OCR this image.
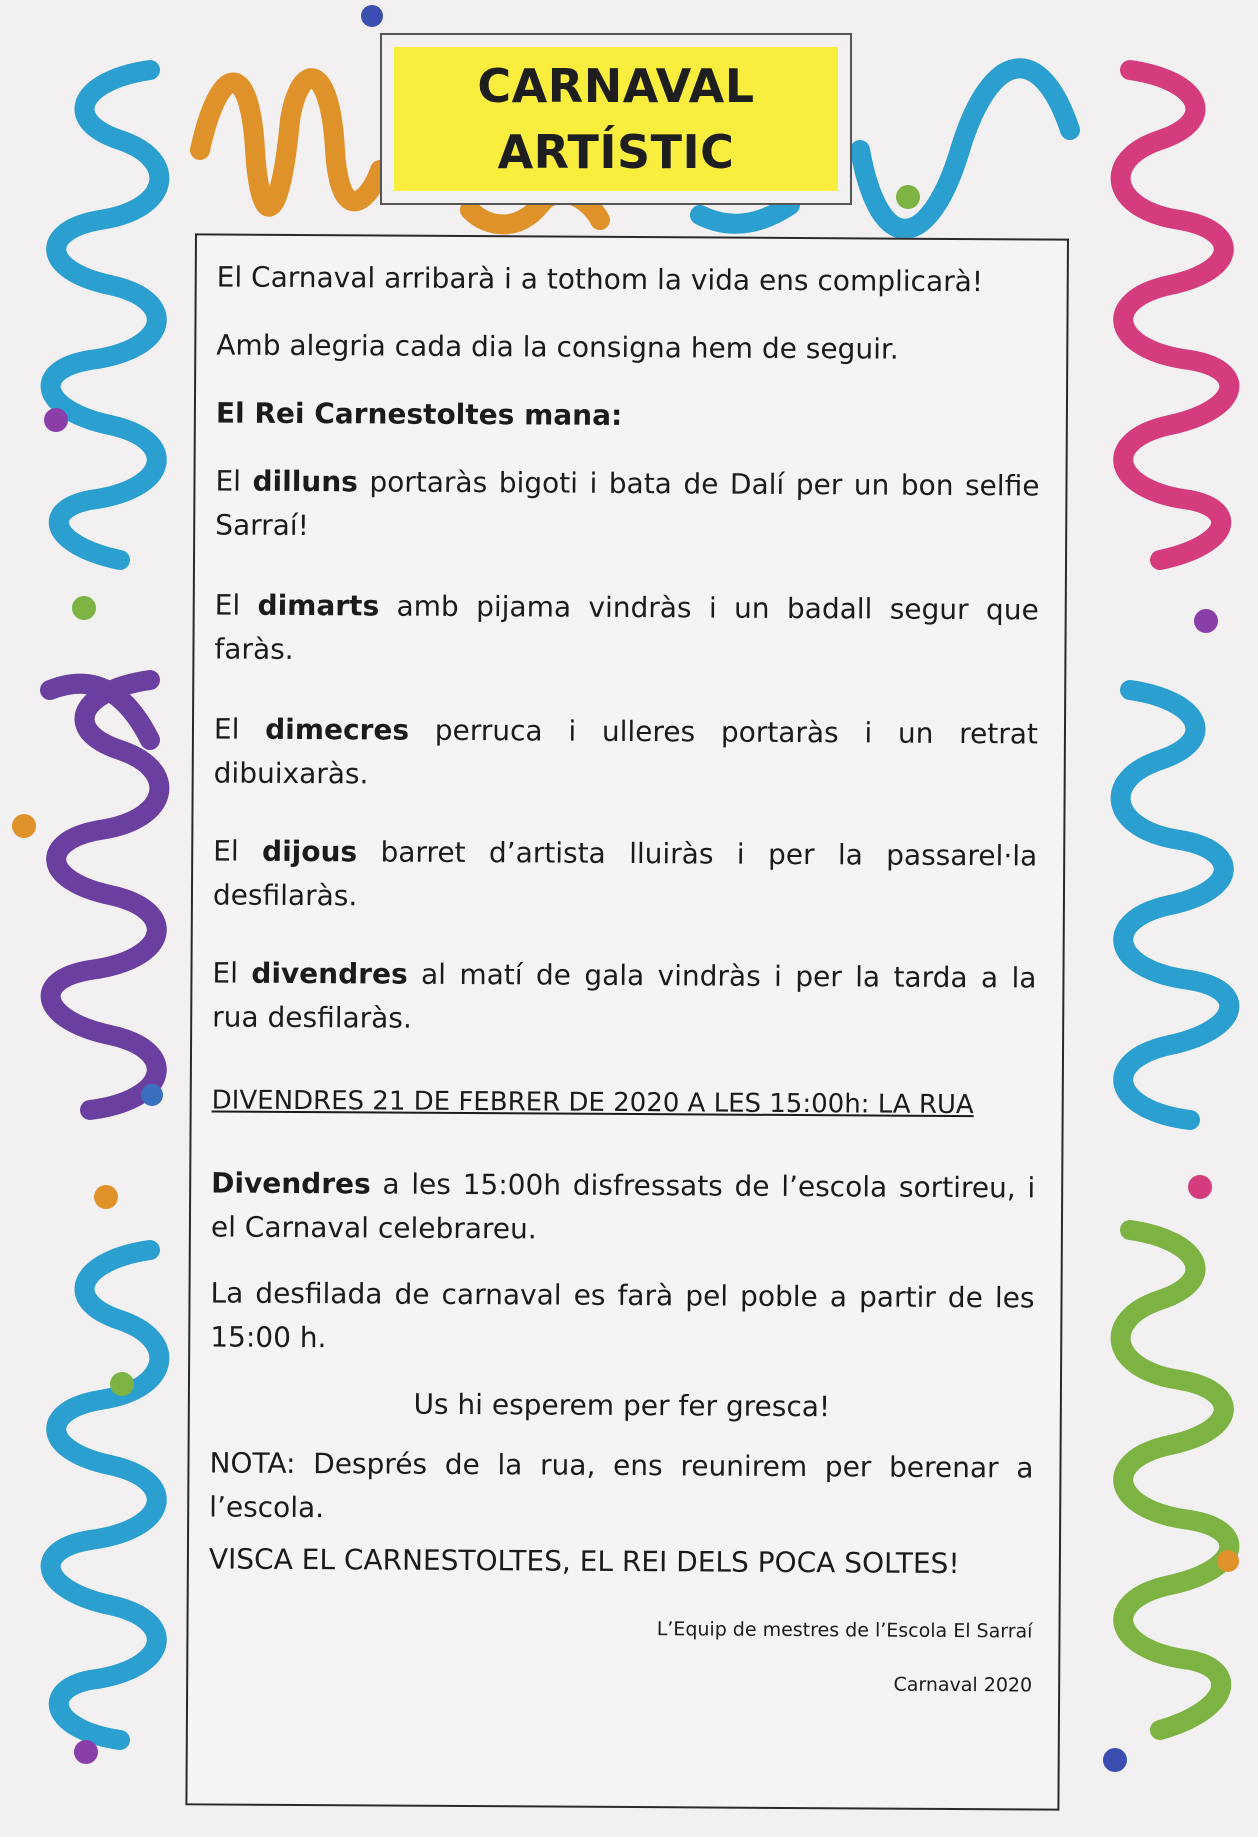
CARNAVAL
ARTÍSTIC
El Carnaval arribarà i a tothom la vida ens complicarà!
Amb alegria cada dia la consigna hem de seguir.
El Rei Carnestoltes mana:
El dilluns portaràs bigoti i bata de Dalí per un bon selfie Sarraí!
El dimarts amb pijama vindràs i un badall segur que faràs.
El dimecres perruca i ulleres portaràs i un retrat dibuixaràs.
El dijous barret d’artista lluiràs i per la passarel·la desfilaràs.
El divendres al matí de gala vindràs i per la tarda a la rua desfilaràs.
DIVENDRES 21 DE FEBRER DE 2020 A LES 15:00h: LA RUA
Divendres a les 15:00h disfressats de l’escola sortireu, i el Carnaval celebrareu.
La desfilada de carnaval es farà pel poble a partir de les 15:00 h.
Us hi esperem per fer gresca!
NOTA: Després de la rua, ens reunirem per berenar a l’escola.
VISCA EL CARNESTOLTES, EL REI DELS POCA SOLTES!
L’Equip de mestres de l’Escola El Sarraí
Carnaval 2020
